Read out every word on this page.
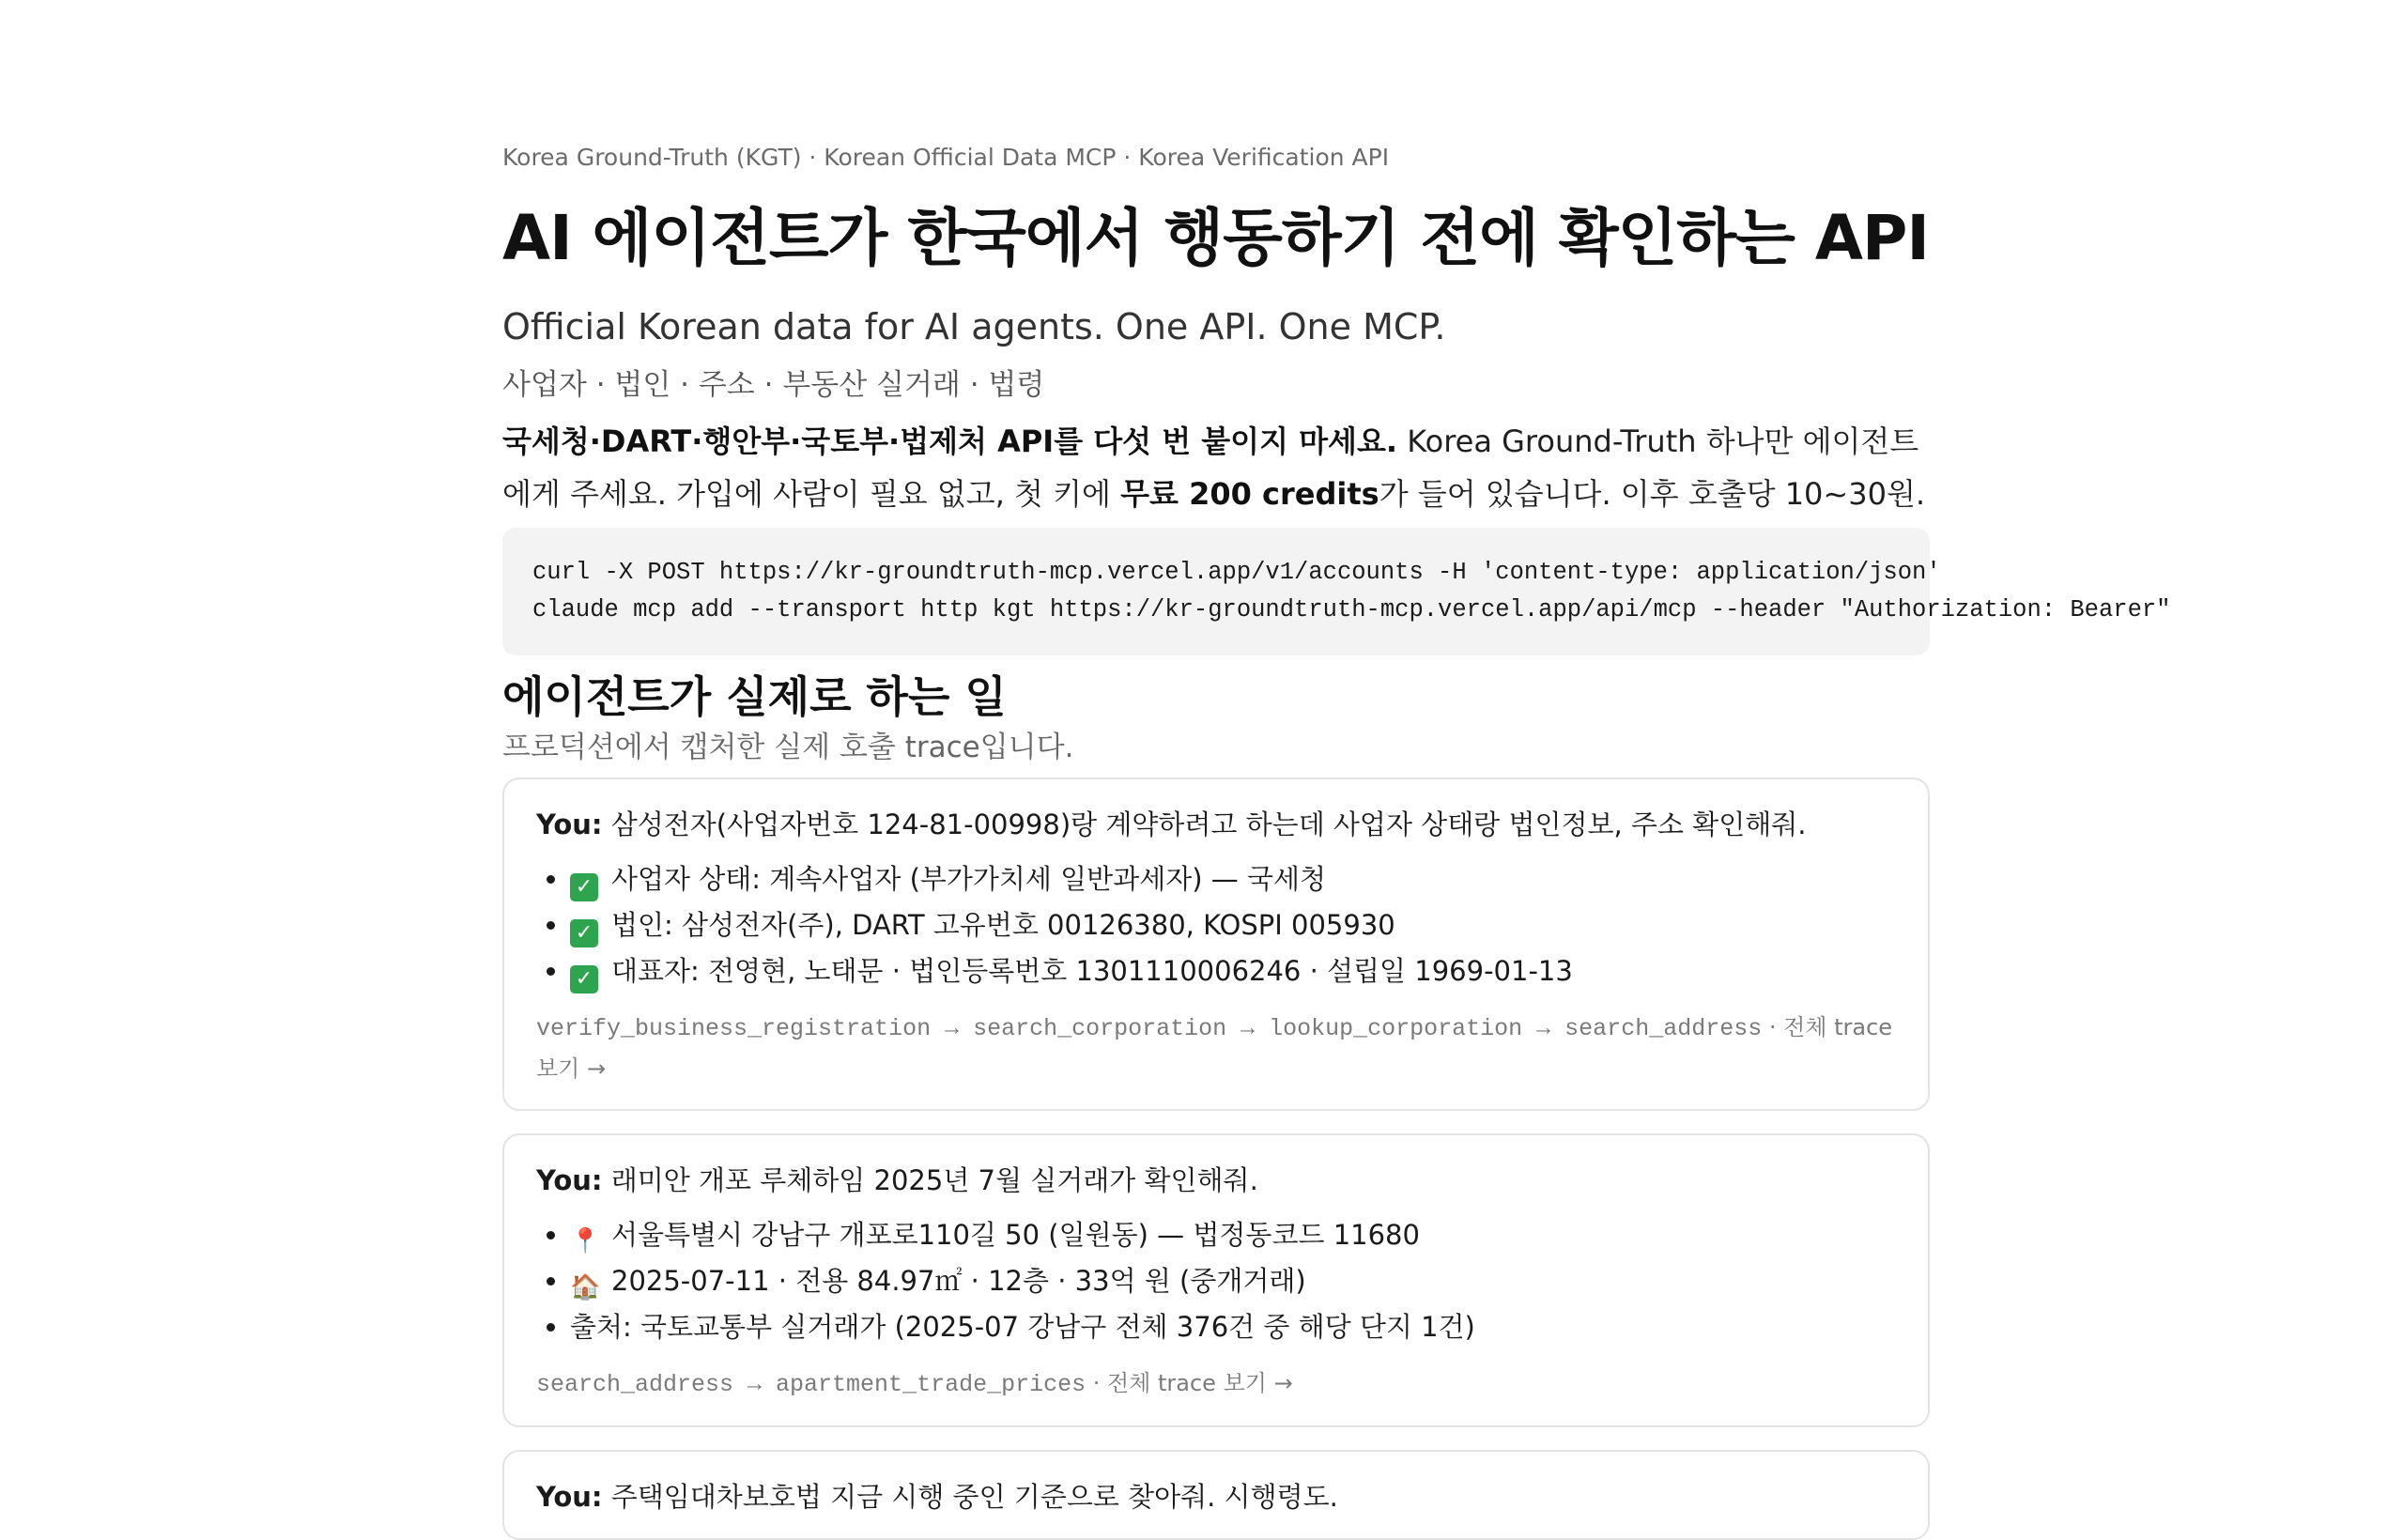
Korea Ground-Truth (KGT) · Korean Official Data MCP · Korea Verification API
AI 에이전트가 한국에서 행동하기 전에 확인하는 API
Official Korean data for AI agents. One API. One MCP.
사업자 · 법인 · 주소 · 부동산 실거래 · 법령
국세청·DART·행안부·국토부·법제처 API를 다섯 번 붙이지 마세요. Korea Ground-Truth 하나만 에이전트에게 주세요. 가입에 사람이 필요 없고, 첫 키에 무료 200 credits가 들어 있습니다. 이후 호출당 10~30원.
curl -X POST https://kr-groundtruth-mcp.vercel.app/v1/accounts -H 'content-type: application/json'
claude mcp add --transport http kgt https://kr-groundtruth-mcp.vercel.app/api/mcp --header "Authorization: Bearer"
에이전트가 실제로 하는 일
프로덕션에서 캡처한 실제 호출 trace입니다.
You: 삼성전자(사업자번호 124-81-00998)랑 계약하려고 하는데 사업자 상태랑 법인정보, 주소 확인해줘.
• ✓ 사업자 상태: 계속사업자 (부가가치세 일반과세자) — 국세청
• ✓ 법인: 삼성전자(주), DART 고유번호 00126380, KOSPI 005930
• ✓ 대표자: 전영현, 노태문 · 법인등록번호 1301110006246 · 설립일 1969-01-13
verify_business_registration → search_corporation → lookup_corporation → search_address · 전체 trace 보기 →
You: 래미안 개포 루체하임 2025년 7월 실거래가 확인해줘.
• 📍 서울특별시 강남구 개포로110길 50 (일원동) — 법정동코드 11680
• 🏠 2025-07-11 · 전용 84.97㎡ · 12층 · 33억 원 (중개거래)
• 출처: 국토교통부 실거래가 (2025-07 강남구 전체 376건 중 해당 단지 1건)
search_address → apartment_trade_prices · 전체 trace 보기 →
You: 주택임대차보호법 지금 시행 중인 기준으로 찾아줘. 시행령도.
